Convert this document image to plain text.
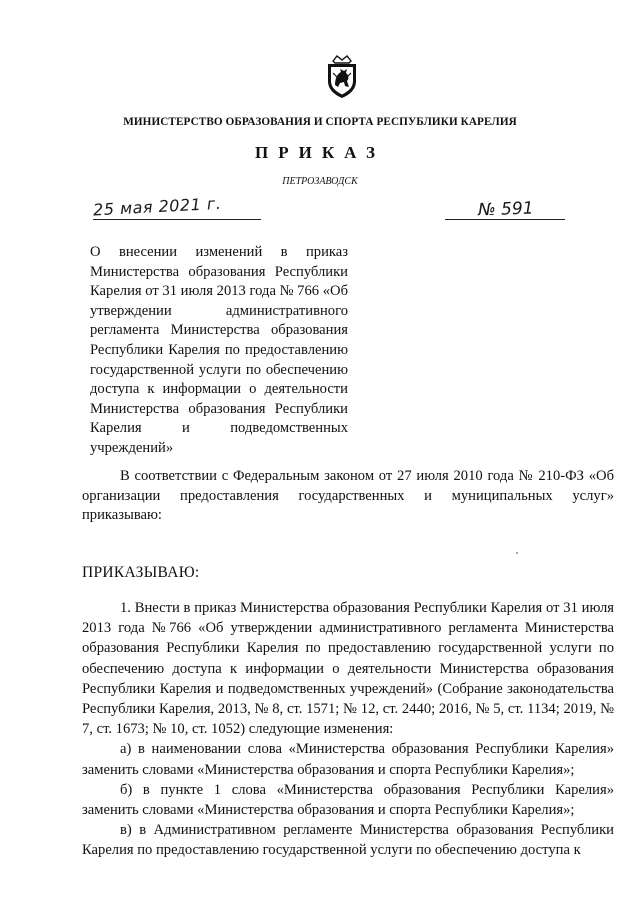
МИНИСТЕРСТВО ОБРАЗОВАНИЯ И СПОРТА РЕСПУБЛИКИ КАРЕЛИЯ
ПРИКАЗ
ПЕТРОЗАВОДСК
25 мая 2021 г.	№ 591
О внесении изменений в приказ Министерства образования Республики Карелия от 31 июля 2013 года № 766 «Об утверждении административного регламента Министерства образования Республики Карелия по предоставлению государственной услуги по обеспечению доступа к информации о деятельности Министерства образования Республики Карелия и подведомственных учреждений»
В соответствии с Федеральным законом от 27 июля 2010 года № 210-ФЗ «Об организации предоставления государственных и муниципальных услуг» приказываю:
ПРИКАЗЫВАЮ:

1. Внести в приказ Министерства образования Республики Карелия от 31 июля 2013 года №766 «Об утверждении административного регламента Министерства образования Республики Карелия по предоставлению государственной услуги по обеспечению доступа к информации о деятельности Министерства образования Республики Карелия и подведомственных учреждений» (Собрание законодательства Республики Карелия, 2013, № 8, ст. 1571; № 12, ст. 2440; 2016, № 5, ст. 1134; 2019, № 7, ст. 1673; № 10, ст. 1052) следующие изменения:

а) в наименовании слова «Министерства образования Республики Карелия» заменить словами «Министерства образования и спорта Республики Карелия»;

б) в пункте 1 слова «Министерства образования Республики Карелия» заменить словами «Министерства образования и спорта Республики Карелия»;

в) в Административном регламенте Министерства образования Республики Карелия по предоставлению государственной услуги по обеспечению доступа к
